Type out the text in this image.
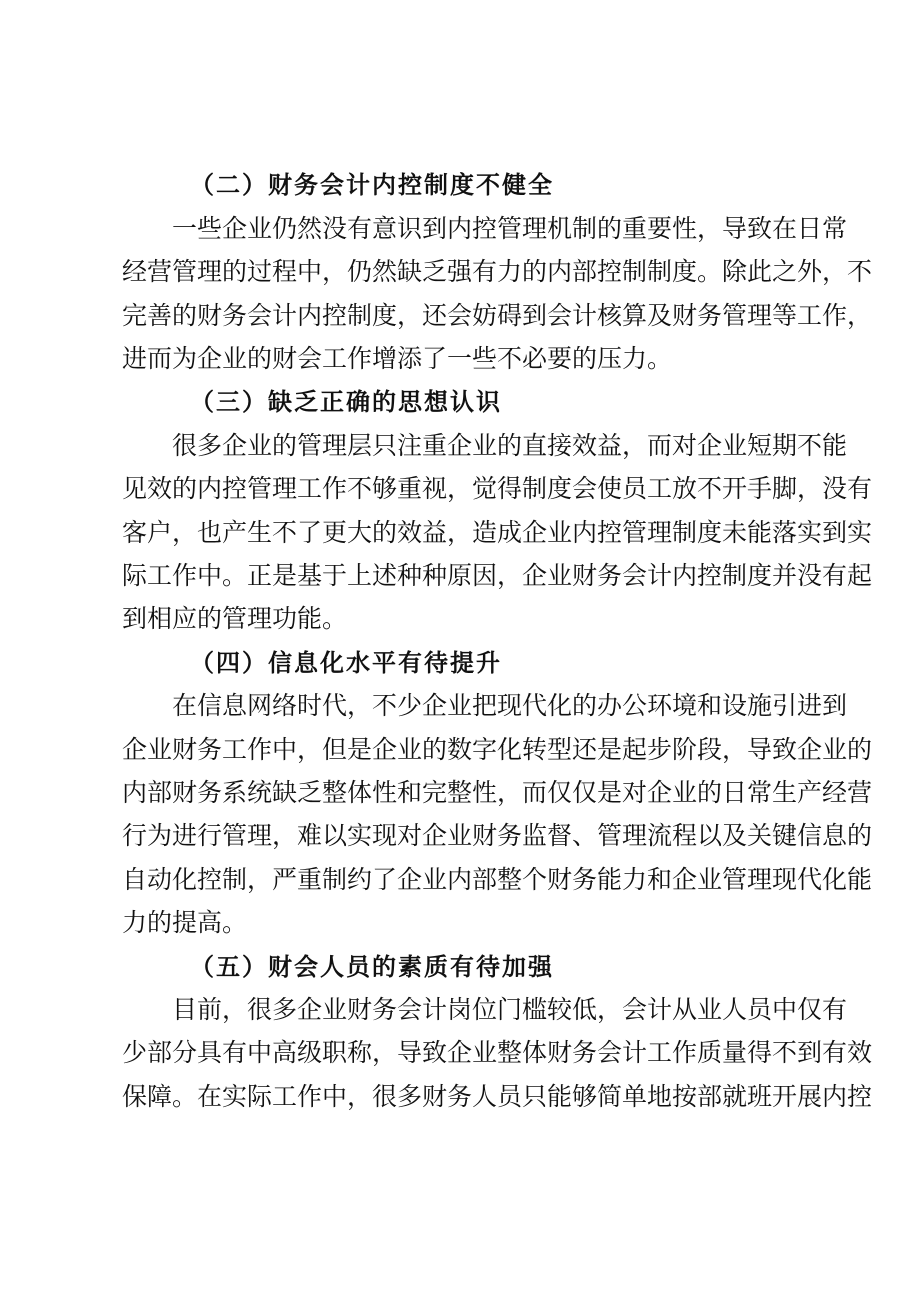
（二）财务会计内控制度不健全

一些企业仍然没有意识到内控管理机制的重要性，导致在日常

经营管理的过程中，仍然缺乏强有力的内部控制制度。除此之外，不

完善的财务会计内控制度，还会妨碍到会计核算及财务管理等工作，

进而为企业的财会工作增添了一些不必要的压力。

（三）缺乏正确的思想认识

很多企业的管理层只注重企业的直接效益，而对企业短期不能

见效的内控管理工作不够重视，觉得制度会使员工放不开手脚，没有

客户，也产生不了更大的效益，造成企业内控管理制度未能落实到实

际工作中。正是基于上述种种原因，企业财务会计内控制度并没有起

到相应的管理功能。

（四）信息化水平有待提升

在信息网络时代，不少企业把现代化的办公环境和设施引进到

企业财务工作中，但是企业的数字化转型还是起步阶段，导致企业的

内部财务系统缺乏整体性和完整性，而仅仅是对企业的日常生产经营

行为进行管理，难以实现对企业财务监督、管理流程以及关键信息的

自动化控制，严重制约了企业内部整个财务能力和企业管理现代化能

力的提高。

（五）财会人员的素质有待加强

目前，很多企业财务会计岗位门槛较低，会计从业人员中仅有

少部分具有中高级职称，导致企业整体财务会计工作质量得不到有效

保障。在实际工作中，很多财务人员只能够简单地按部就班开展内控
